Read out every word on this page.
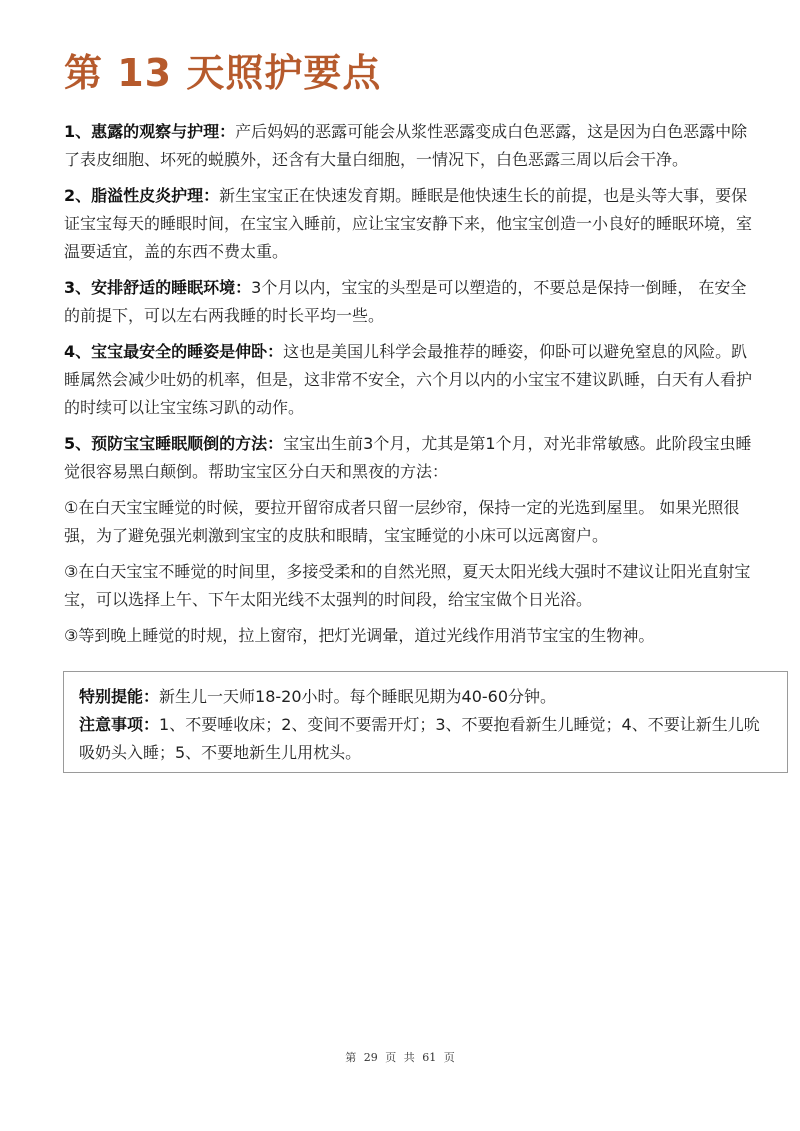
第 13 天照护要点

1、惠露的观察与护理：产后妈妈的恶露可能会从浆性恶露变成白色恶露，这是因为白色恶露中除了表皮细胞、坏死的蜕膜外，还含有大量白细胞，一情况下，白色恶露三周以后会干净。

2、脂溢性皮炎护理：新生宝宝正在快速发育期。睡眠是他快速生长的前提，也是头等大事，要保证宝宝每天的睡眼时间，在宝宝入睡前，应让宝宝安静下来，他宝宝创造一小良好的睡眠环境，室温要适宜，盖的东西不费太重。

3、安排舒适的睡眠环境：3个月以内，宝宝的头型是可以塑造的，不要总是保持一倒睡， 在安全的前提下，可以左右两我睡的时长平均一些。

4、宝宝最安全的睡姿是伸卧：这也是美国儿科学会最推荐的睡姿，仰卧可以避免窒息的风险。趴睡属然会减少吐奶的机率，但是，这非常不安全，六个月以内的小宝宝不建议趴睡，白天有人看护的时续可以让宝宝练习趴的动作。

5、预防宝宝睡眠顺倒的方法：宝宝出生前3个月，尤其是第1个月，对光非常敏感。此阶段宝虫睡觉很容易黑白颠倒。帮助宝宝区分白天和黑夜的方法：

①在白天宝宝睡觉的时候，要拉开留帘成者只留一层纱帘，保持一定的光选到屋里。 如果光照很强，为了避免强光刺激到宝宝的皮肤和眼睛，宝宝睡觉的小床可以远离窗户。

③在白天宝宝不睡觉的时间里，多接受柔和的自然光照，夏天太阳光线大强时不建议让阳光直射宝宝，可以选择上午、下午太阳光线不太强判的时间段，给宝宝做个日光浴。

③等到晚上睡觉的时规，拉上窗帘，把灯光调暈，道过光线作用消节宝宝的生物神。

特别提能：新生儿一天师18-20小时。每个睡眠见期为40-60分钟。

注意事项：1、不要唾收床；2、变间不要需开灯；3、不要抱看新生儿睡觉；4、不要让新生儿吮吸奶头入睡；5、不要地新生儿用枕头。

第 29 页 共 61 页
